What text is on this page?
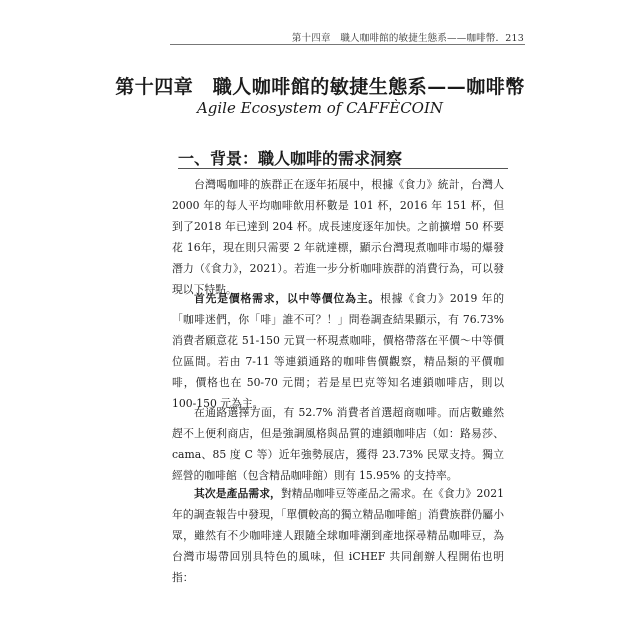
第十四章　職人咖啡館的敏捷生態系——咖啡幣．213
第十四章　職人咖啡館的敏捷生態系——咖啡幣
Agile Ecosystem of CAFFÈCOIN
一、背景：職人咖啡的需求洞察

台灣喝咖啡的族群正在逐年拓展中，根據《食力》統計，台灣人2000 年的每人平均咖啡飲用杯數是 101 杯，2016 年 151 杯，但到了2018 年已達到 204 杯。成長速度逐年加快。之前擴增 50 杯要花 16年，現在則只需要 2 年就達標，顯示台灣現煮咖啡市場的爆發潛力（《食力》，2021）。若進一步分析咖啡族群的消費行為，可以發現以下特點。

首先是價格需求，以中等價位為主。根據《食力》2019 年的「咖啡迷們，你「啡」誰不可？！」問卷調查結果顯示，有 76.73% 消費者願意花 51-150 元買一杯現煮咖啡，價格帶落在平價～中等價位區間。若由 7-11 等連鎖通路的咖啡售價觀察，精品類的平價咖啡，價格也在 50-70 元間；若是星巴克等知名連鎖咖啡店，則以 100-150 元為主。

在通路選擇方面，有 52.7% 消費者首選超商咖啡。而店數雖然趕不上便利商店，但是強調風格與品質的連鎖咖啡店（如：路易莎、cama、85 度 C 等）近年強勢展店，獲得 23.73% 民眾支持。獨立經營的咖啡館（包含精品咖啡館）則有 15.95% 的支持率。

其次是產品需求，對精品咖啡豆等產品之需求。在《食力》2021年的調查報告中發現，「單價較高的獨立精品咖啡館」消費族群仍屬小眾，雖然有不少咖啡達人跟隨全球咖啡潮到產地探尋精品咖啡豆，為台灣市場帶回別具特色的風味，但 iCHEF 共同創辦人程開佑也明指：
